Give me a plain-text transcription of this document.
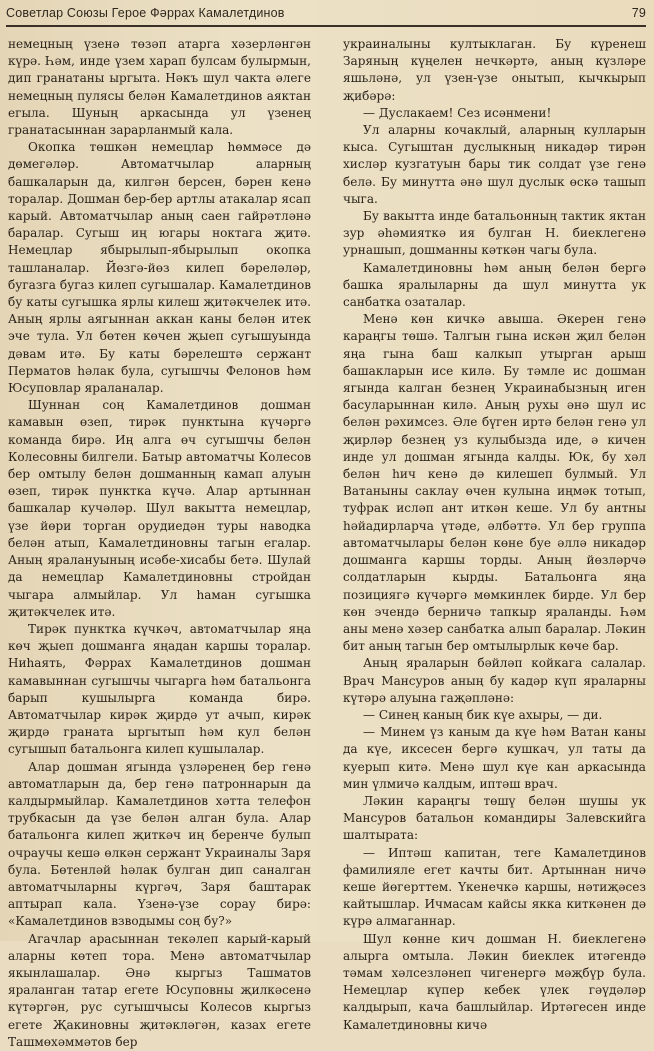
Советлар Союзы Герое Фәррах Камалетдинов	79

немецның үзенә төзәп атарга хәзерләнгән күрә. Һәм, инде үзем харап булсам булырмын, дип гранатаны ыргыта. Нәкъ шул чакта әлеге немецның пулясы белән Камалетдинов аяктан егыла. Шуның аркасында ул үзенең гранатасыннан зарарланмый кала.

Окопка төшкән немецлар һөммәсе дә дөмегәләр. Автоматчылар аларның башкаларын да, килгән берсен, бәрен кенә торалар. Дошман бер-бер артлы атакалар ясап карый. Автоматчылар аның саен гайрәтләнә баралар. Сугыш иң югары ноктага җитә. Немецлар ябырылып-ябырылып окопка ташланалар. Йөзгә-йөз килеп бәреләләр, бугазга бугаз килеп сугышалар. Камалетдинов бу каты сугышка ярлы килеш җитәкчелек итә. Аның ярлы аягыннан аккан каны белән итек эче тула. Ул бөтен көчен җыеп сугышуында дәвам итә. Бу каты бәрелештә сержант Перматов һәлак була, сугышчы Фелонов һәм Юсуповлар яраланалар.

Шуннан соң Камалетдинов дошман камавын өзеп, тирәк пунктына күчәргә команда бирә. Иң алга өч сугышчы белән Колесовны билгели. Батыр автоматчы Колесов бер омтылу белән дошманның камап алуын өзеп, тирәк пунктка күчә. Алар артыннан башкалар кучәләр. Шул вакытта немецлар, үзе йөри торган орудиедән туры наводка белән атып, Камалетдиновны тагын егалар. Аның яралануының исәбе-хисабы бетә. Шулай да немецлар Камалетдиновны стройдан чыгара алмыйлар. Ул һаман сугышка җитәкчелек итә.

Тирәк пунктка күчкәч, автоматчылар яңа көч җыеп дошманга яңадан каршы торалар. Ниһаять, Фәррах Камалетдинов дошман камавыннан сугышчы чыгарга һәм батальонга барып кушылырга команда бирә. Автоматчылар кирәк җирдә ут ачып, кирәк җирдә граната ыргытып һәм кул белән сугышып батальонга килеп кушылалар.

Алар дошман ягында үзләренең бер генә автоматларын да, бер генә патроннарын да калдырмыйлар. Камалетдинов хәтта телефон трубкасын да үзе белән алган була. Алар батальонга килеп җиткәч иң беренче булып очраучы кешә өлкән сержант Украиналы Заря була. Бөтенләй һәлак булган дип саналган автоматчыларны күргәч, Заря баштарак аптырап кала. Үзенә-үзе сорау бирә: «Камалетдинов взводымы соң бу?»

Агачлар арасыннан текәлеп карый-карый аларны көтеп тора. Менә автоматчылар якынлашалар. Әнә кыргыз Ташматов яраланган татар егете Юсуповны җилкәсенә күтәргән, рус сугышчысы Колесов кыргыз егете Җакиновны җитәкләгән, казах егете Ташмөхәммәтов бер

украиналыны култыклаган. Бу күренеш Заряның күңелен нечкәртә, аның күзләре яшьләнә, ул үзен-үзе онытып, кычкырып җибәрә:

— Дуслакаем! Сез исәнмени!

Ул аларны кочаклый, аларның кулларын кыса. Сугыштан дуслыкның никадәр тирән хисләр кузгатуын бары тик солдат үзе генә белә. Бу минутта әнә шул дуслык өскә ташып чыга.

Бу вакытта инде батальонның тактик яктан зур әһәмияткә ия булган Н. биеклегенә урнашып, дошманны кәткән чагы була.

Камалетдиновны һәм аның белән бергә башка яралыларны да шул минутта ук санбатка озаталар.

Менә көн кичкә авыша. Әкерен генә караңгы төшә. Талгын гына искән җил белән яңа гына баш калкып утырган арыш башакларын исе килә. Бу тәмле ис дошман ягында калган безнең Украинабызның иген басуларыннан килә. Аның рухы әнә шул ис белән рәхимсез. Әле бүген иртә белән генә ул җирләр безнең уз кулыбызда иде, ә кичен инде ул дошман ягында калды. Юк, бу хәл белән һич кенә дә килешеп булмый. Ул Ватаныны саклау өчен кулына иңмәк тотып, туфрак исләп ант иткән кеше. Ул бу антны һәйадирларча үтәде, әлбәттә. Ул бер группа автоматчылары белән көне буе әллә никадәр дошманга каршы торды. Аның йөзләрчә солдатларын кырды. Батальонга яңа позициягә күчәргә мөмкинлек бирде. Ул бер көн эчендә берничә тапкыр яраланды. Һәм аны менә хәзер санбатка алып баралар. Ләкин бит аның тагын бер омтылырлык көче бар.

Аның яраларын бәйләп койкага салалар. Врач Мансуров аның бу кадәр күп яраларны күтәрә алуына гаҗәпләнә:

— Синең каның бик күе ахыры, — ди.

— Минем үз каным да күе һәм Ватан каны да күе, иксесен бергә кушкач, ул таты да куерып китә. Менә шул күе кан аркасында мин үлмичә калдым, иптәш врач.

Ләкин караңгы төшү белән шушы ук Мансуров батальон командиры Залевскийга шалтырата:

— Иптәш капитан, теге Камалетдинов фамилияле егет качты бит. Артыннан ничә кеше йөгерттем. Үкенечкә каршы, нәтиҗәсез кайтышлар. Ичмасам кайсы якка киткәнен дә күрә алмаганнар.

Шул көнне кич дошман Н. биеклегенә алырга омтыла. Ләкин биеклек итәгендә тәмам хәлсезләнеп чигенергә мәҗбүр була. Немецлар күпер кебек үлек гәүдәләр калдырып, кача башлыйлар. Иртәгесен инде Камалетдиновны кичә
